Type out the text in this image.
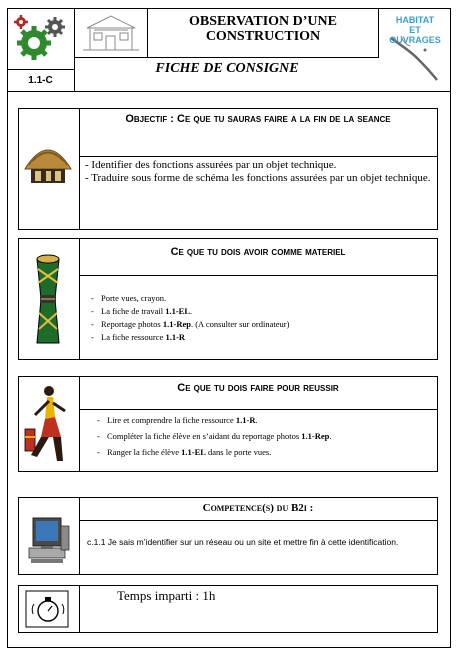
1.1-C
OBSERVATION D’UNE
CONSTRUCTION
HABITAT
ET
OUVRAGES
FICHE DE CONSIGNE
Objectif : Ce que tu sauras faire a la fin de la seance
- Identifier des fonctions assurées par un objet technique.
- Traduire sous forme de schéma les fonctions assurées par un objet technique.
Ce que tu dois avoir comme materiel
- Porte vues, crayon.
- La fiche de travail 1.1-EL.
- Reportage photos 1.1-Rep. (A consulter sur ordinateur)
- La fiche ressource 1.1-R
Ce que tu dois faire pour reussir
- Lire et comprendre la fiche ressource 1.1-R.
- Compléter la fiche élève en s’aidant du reportage photos 1.1-Rep.
- Ranger la fiche élève 1.1-EL dans le porte vues.
Competence(s) du B2i :
c.1.1 Je sais m’identifier sur un réseau ou un site et mettre fin à cette identification.
Temps imparti : 1h
